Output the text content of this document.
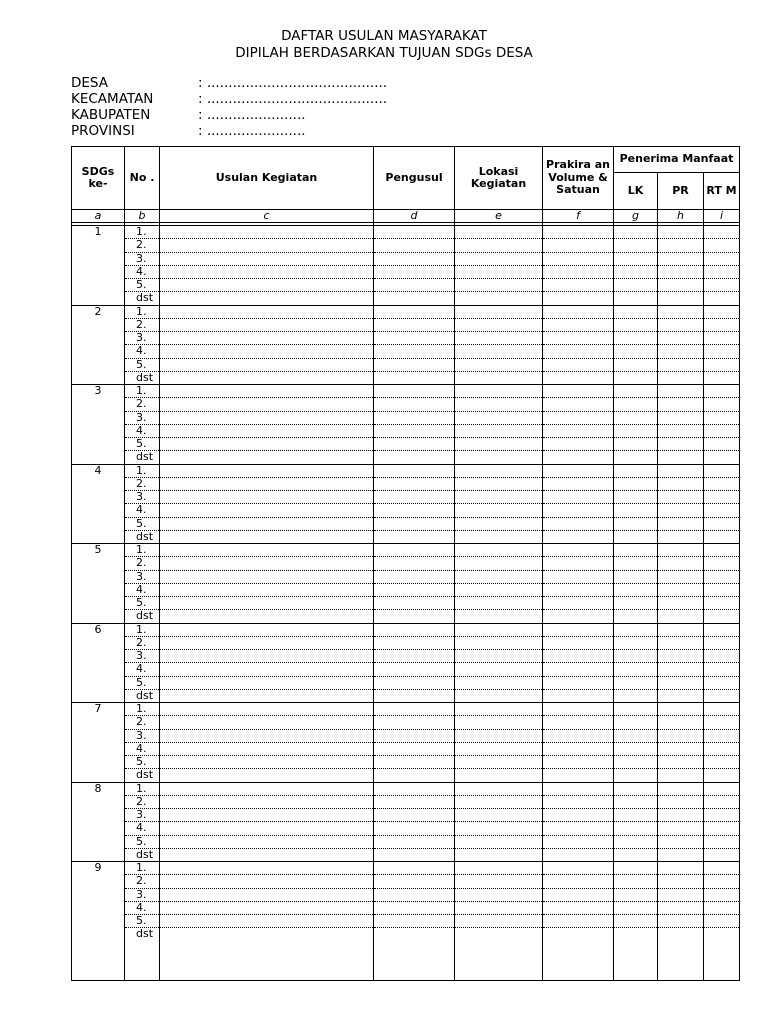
DAFTAR USULAN MASYARAKAT
DIPILAH BERDASARKAN TUJUAN SDGs DESA
DESA	: ..........................................
KECAMATAN	: ..........................................
KABUPATEN	: .......................
PROVINSI	: .......................
SDGs ke-	No .	Usulan Kegiatan	Pengusul	Lokasi Kegiatan	Prakira an Volume & Satuan	Penerima Manfaat		
						LK	PR	RT M
a	b	c	d	e	f	g	h	i

1	1.							
	2.							
	3.							
	4.							
	5.							
	dst							
2	1.							
	2.							
	3.							
	4.							
	5.							
	dst							
3	1.							
	2.							
	3.							
	4.							
	5.							
	dst							
4	1.							
	2.							
	3.							
	4.							
	5.							
	dst							
5	1.							
	2.							
	3.							
	4.							
	5.							
	dst							
6	1.							
	2.							
	3.							
	4.							
	5.							
	dst							
7	1.							
	2.							
	3.							
	4.							
	5.							
	dst							
8	1.							
	2.							
	3.							
	4.							
	5.							
	dst							
9	1.							
	2.							
	3.							
	4.							
	5.							
	dst							
